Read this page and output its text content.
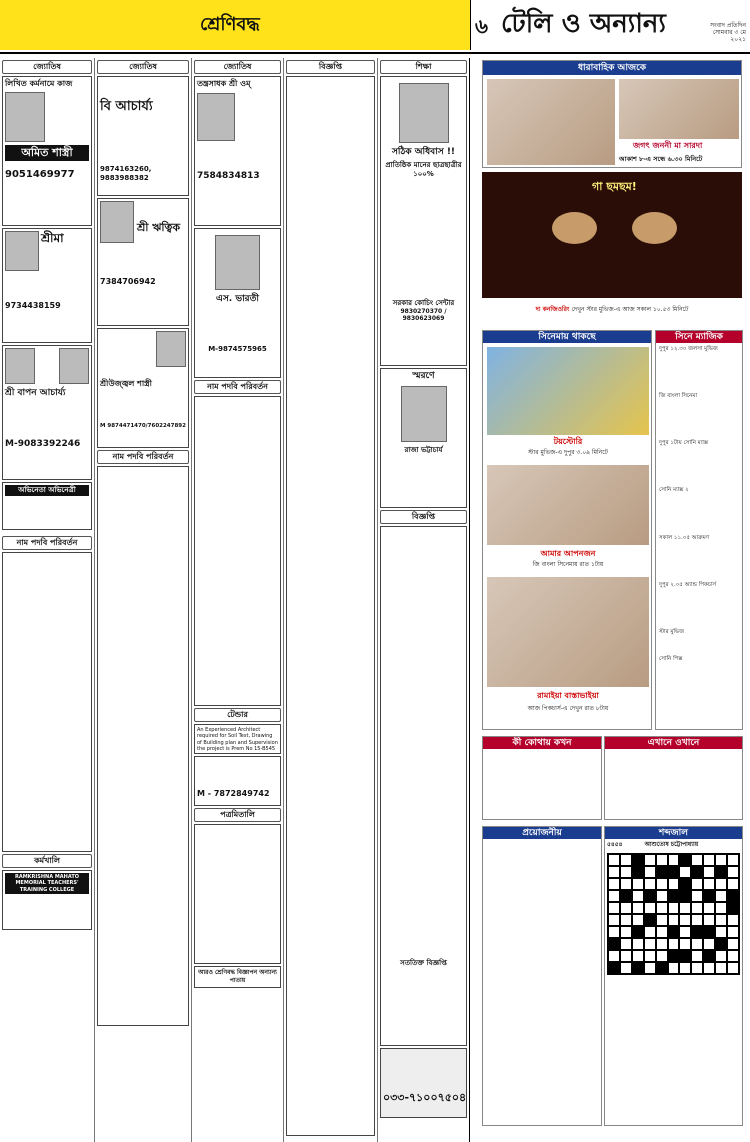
শ্রেণিবদ্ধ	৬ টেলি ও অন্যান্য	সংবাদ প্রতিদিন
সোমবার ৩ মে
২০২১
জ্যোতিষ
লিখিত কর্মনামে কাজ
অমিত শাস্ত্রী
9051469977
শ্রীমা
9734438159
শ্রী বাপন আচার্য্য
M-9083392246
অভিনেতা অভিনেত্রী
নাম পদবি পরিবর্তন
কর্মখালি
RAMKRISHNA MAHATO MEMORIAL TEACHERS' TRAINING COLLEGE
জ্যোতিষ
বি আচার্য্য
9874163260, 9883988382
শ্রী ঋত্বিক
7384706942
শ্রীউজ্জ্বল শাস্ত্রী
M 9874471470/7602247892
নাম পদবি পরিবর্তন
জ্যোতিষ
তন্ত্রসাধক শ্রী ওম্
7584834813
এস. ভারতী
M-9874575965
নাম পদবি পরিবর্তন
টেন্ডার
An Experienced Architect required for Soil Test, Drawing of Building plan and Supervision the project is Prem No 15-B545
M - 7872849742
পত্রমিতালি
আরও শ্রেণিবদ্ধ বিজ্ঞাপন অন্যান্য পাতায়
বিজ্ঞপ্তি	শিক্ষা
সঠিক অধিবাস !!
প্রাতিষ্ঠিক মানের ছাত্রছাত্রীর ১০০%
সরকার কোচিং সেন্টার
9830270370 / 9830623069
স্মরণে
রাজা ভট্টাচার্য
বিজ্ঞপ্তি
সততিক্ত বিজ্ঞপ্তি
০৩৩-৭১০০৭৫০৪
ধারাবাহিক আজকে
জগৎ জননী মা সারদা
আকাশ ৮-এ সন্ধে ৬.৩০ মিনিটে
গা ছমছম!
দ্য কনজিওরিং দেখুন স্টার মুভিজ-এ আজ সকাল ১০.৫৩ মিনিটে
সিনেমায় থাকছে
টয়স্টোরি
স্টার মুভিজ-এ দুপুর ৩.০৯ মিনিটে
আমার আপনজন
জি বাংলা সিনেমায় রাত ১টায়
রামাইয়া বাস্তাভাইয়া
আজ পিকচার্স-এ দেখুন রাত ৮টায়
সিনে ম্যাজিক
দুপুর ১২.৩০ জলসা মুভিজ
জি বাংলা সিনেমা
দুপুর ১টায় সোনি ম্যাক্স
সোনি ম্যাক্স ২
সকাল ১১.০৫ আক্রমণ
দুপুর ২.০৫ অ্যান্ড পিকচার্স
স্টার মুভিজ
সোনি পিক্স
কী কোথায় কখন	এখানে ওখানে
প্রয়োজনীয়	শব্দজাল
৫৪৫৪	আশুতোষ চট্টোপাধ্যায়
